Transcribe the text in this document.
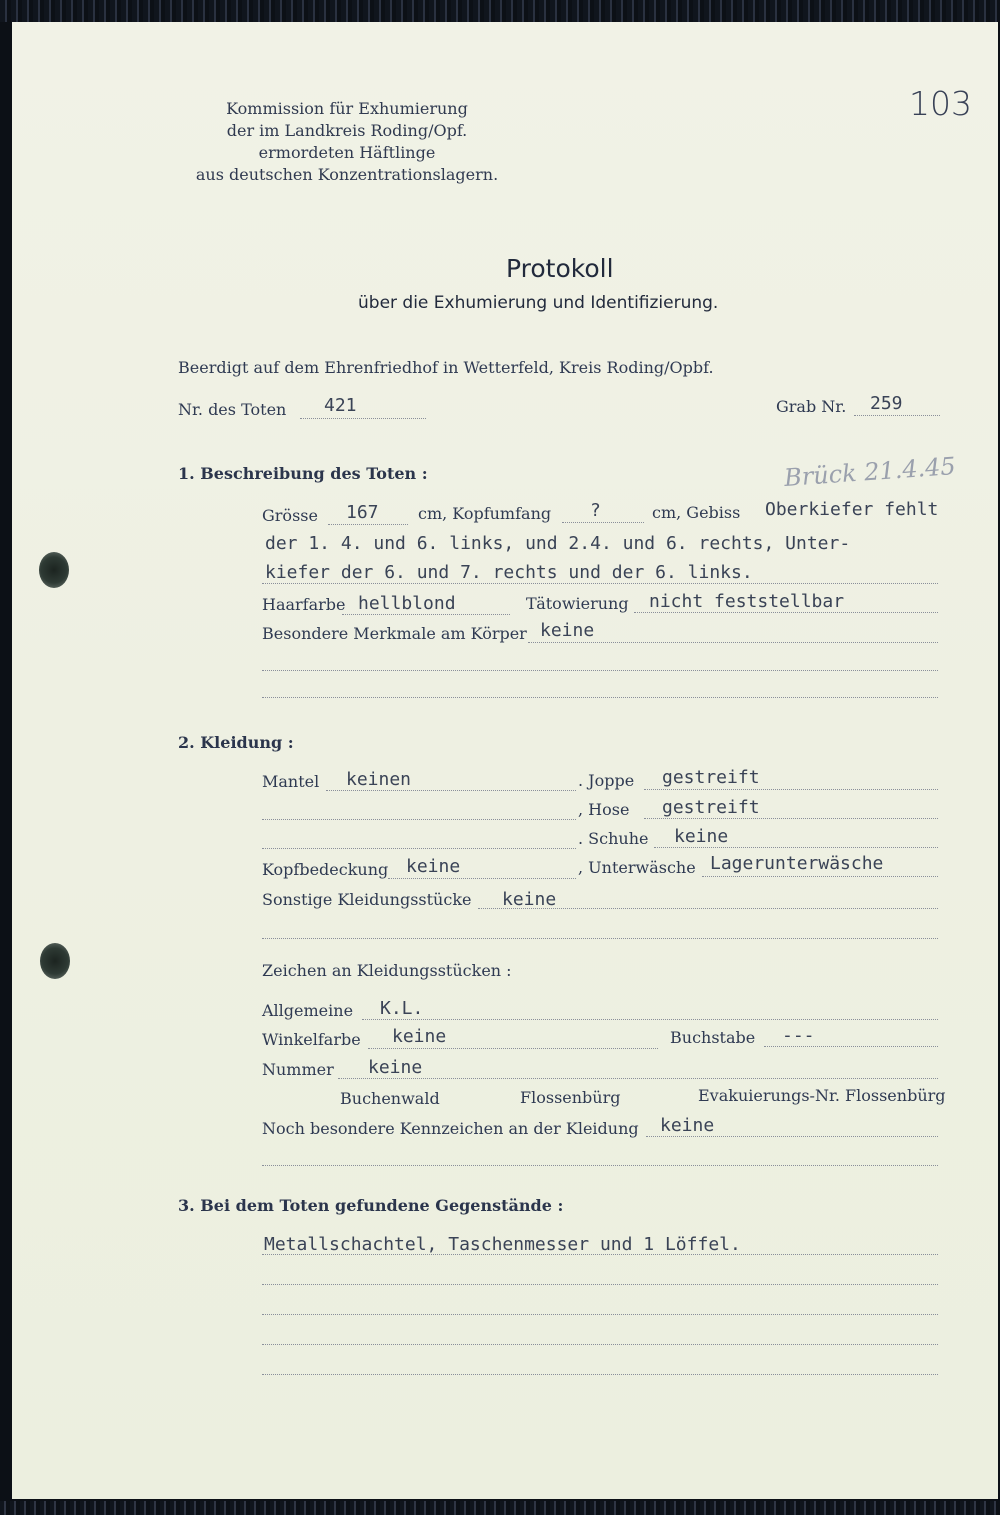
Kommission für Exhumierung
der im Landkreis Roding/Opf.
ermordeten Häftlinge
aus deutschen Konzentrationslagern.
103
Protokoll
über die Exhumierung und Identifizierung.
Beerdigt auf dem Ehrenfriedhof in Wetterfeld, Kreis Roding/Opbf.
Nr. des Toten 421	Grab Nr. 259
Brück 21.4.45
1. Beschreibung des Toten :
Grösse 167 cm, Kopfumfang ?	cm, Gebiss Oberkiefer fehlt
der 1. 4. und 6. links, und 2.4. und 6. rechts, Unter-
kiefer der 6. und 7. rechts und der 6. links.
Haarfarbe hellblond	Tätowierung nicht feststellbar
Besondere Merkmale am Körper keine
2. Kleidung :
Mantel keinen	. Joppe gestreift
, Hose gestreift
. Schuhe keine
Kopfbedeckung keine	, Unterwäsche Lagerunterwäsche
Sonstige Kleidungsstücke keine
Zeichen an Kleidungsstücken :
Allgemeine K.L.
Winkelfarbe keine	Buchstabe ---
Nummer keine
Buchenwald	Flossenbürg	Evakuierungs-Nr. Flossenbürg
Noch besondere Kennzeichen an der Kleidung keine
3. Bei dem Toten gefundene Gegenstände :
Metallschachtel, Taschenmesser und 1 Löffel.
